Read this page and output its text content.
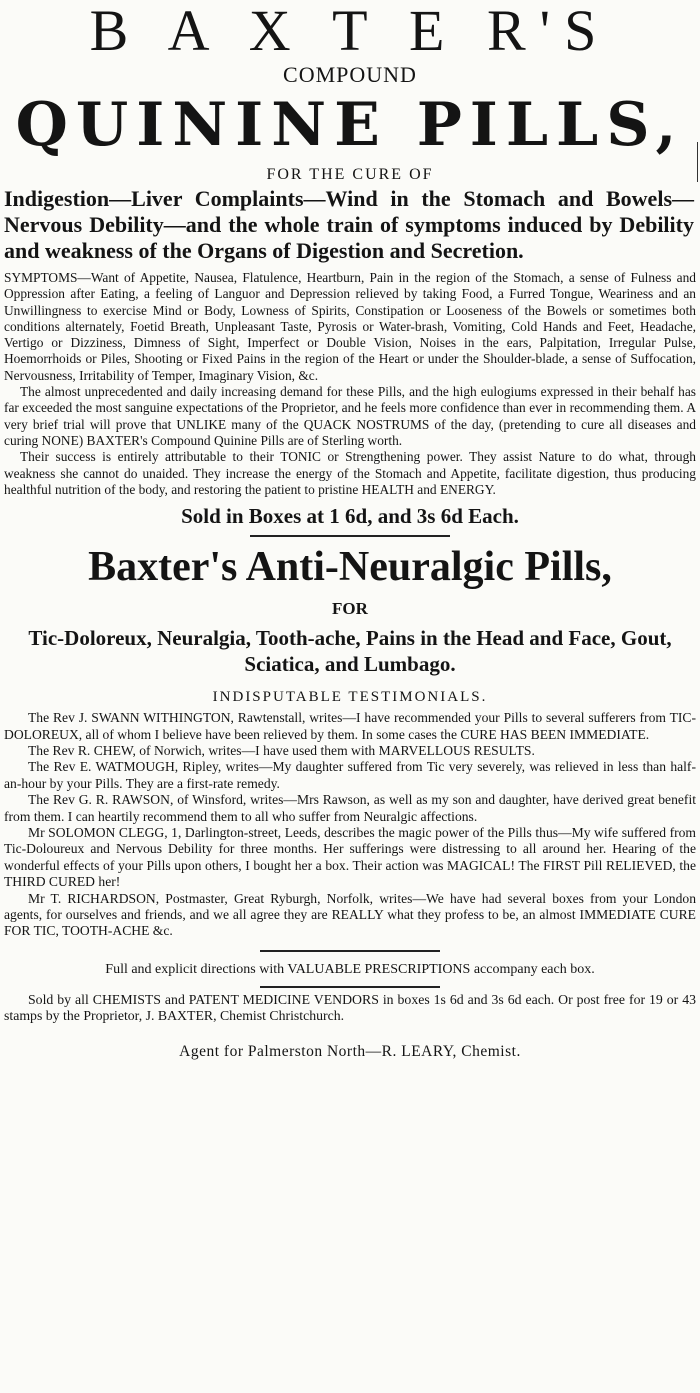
B A X T E R'S
COMPOUND
QUININE PILLS,
FOR THE CURE OF
Indigestion—Liver Complaints—Wind in the Stomach and Bowels—Nervous Debility—and the whole train of symptoms induced by Debility and weakness of the Organs of Digestion and Secretion.

SYMPTOMS—Want of Appetite, Nausea, Flatulence, Heartburn, Pain in the region of the Stomach, a sense of Fulness and Oppression after Eating, a feeling of Languor and Depression relieved by taking Food, a Furred Tongue, Weariness and an Unwillingness to exercise Mind or Body, Lowness of Spirits, Constipation or Looseness of the Bowels or sometimes both conditions alternately, Foetid Breath, Unpleasant Taste, Pyrosis or Water-brash, Vomiting, Cold Hands and Feet, Headache, Vertigo or Dizziness, Dimness of Sight, Imperfect or Double Vision, Noises in the ears, Palpitation, Irregular Pulse, Hoemorrhoids or Piles, Shooting or Fixed Pains in the region of the Heart or under the Shoulder-blade, a sense of Suffocation, Nervousness, Irritability of Temper, Imaginary Vision, &c.

The almost unprecedented and daily increasing demand for these Pills, and the high eulogiums expressed in their behalf has far exceeded the most sanguine expectations of the Proprietor, and he feels more confidence than ever in recommending them. A very brief trial will prove that UNLIKE many of the QUACK NOSTRUMS of the day, (pretending to cure all diseases and curing NONE) BAXTER's Compound Quinine Pills are of Sterling worth.

Their success is entirely attributable to their TONIC or Strengthening power. They assist Nature to do what, through weakness she cannot do unaided. They increase the energy of the Stomach and Appetite, facilitate digestion, thus producing healthful nutrition of the body, and restoring the patient to pristine HEALTH and ENERGY.

Sold in Boxes at 1 6d, and 3s 6d Each.
Baxter's Anti-Neuralgic Pills,
FOR
Tic-Doloreux, Neuralgia, Tooth-ache, Pains in the Head and Face, Gout, Sciatica, and Lumbago.
INDISPUTABLE TESTIMONIALS.

The Rev J. SWANN WITHINGTON, Rawtenstall, writes—I have recommended your Pills to several sufferers from TIC-DOLOREUX, all of whom I believe have been relieved by them. In some cases the CURE HAS BEEN IMMEDIATE.

The Rev R. CHEW, of Norwich, writes—I have used them with MARVELLOUS RESULTS.

The Rev E. WATMOUGH, Ripley, writes—My daughter suffered from Tic very severely, was relieved in less than half-an-hour by your Pills. They are a first-rate remedy.

The Rev G. R. RAWSON, of Winsford, writes—Mrs Rawson, as well as my son and daughter, have derived great benefit from them. I can heartily recommend them to all who suffer from Neuralgic affections.

Mr SOLOMON CLEGG, 1, Darlington-street, Leeds, describes the magic power of the Pills thus—My wife suffered from Tic-Doloureux and Nervous Debility for three months. Her sufferings were distressing to all around her. Hearing of the wonderful effects of your Pills upon others, I bought her a box. Their action was MAGICAL! The FIRST Pill RELIEVED, the THIRD CURED her!

Mr T. RICHARDSON, Postmaster, Great Ryburgh, Norfolk, writes—We have had several boxes from your London agents, for ourselves and friends, and we all agree they are REALLY what they profess to be, an almost IMMEDIATE CURE FOR TIC, TOOTH-ACHE &c.

Full and explicit directions with VALUABLE PRESCRIPTIONS accompany each box.

Sold by all CHEMISTS and PATENT MEDICINE VENDORS in boxes 1s 6d and 3s 6d each. Or post free for 19 or 43 stamps by the Proprietor, J. BAXTER, Chemist Christchurch.

Agent for Palmerston North—R. LEARY, Chemist.
